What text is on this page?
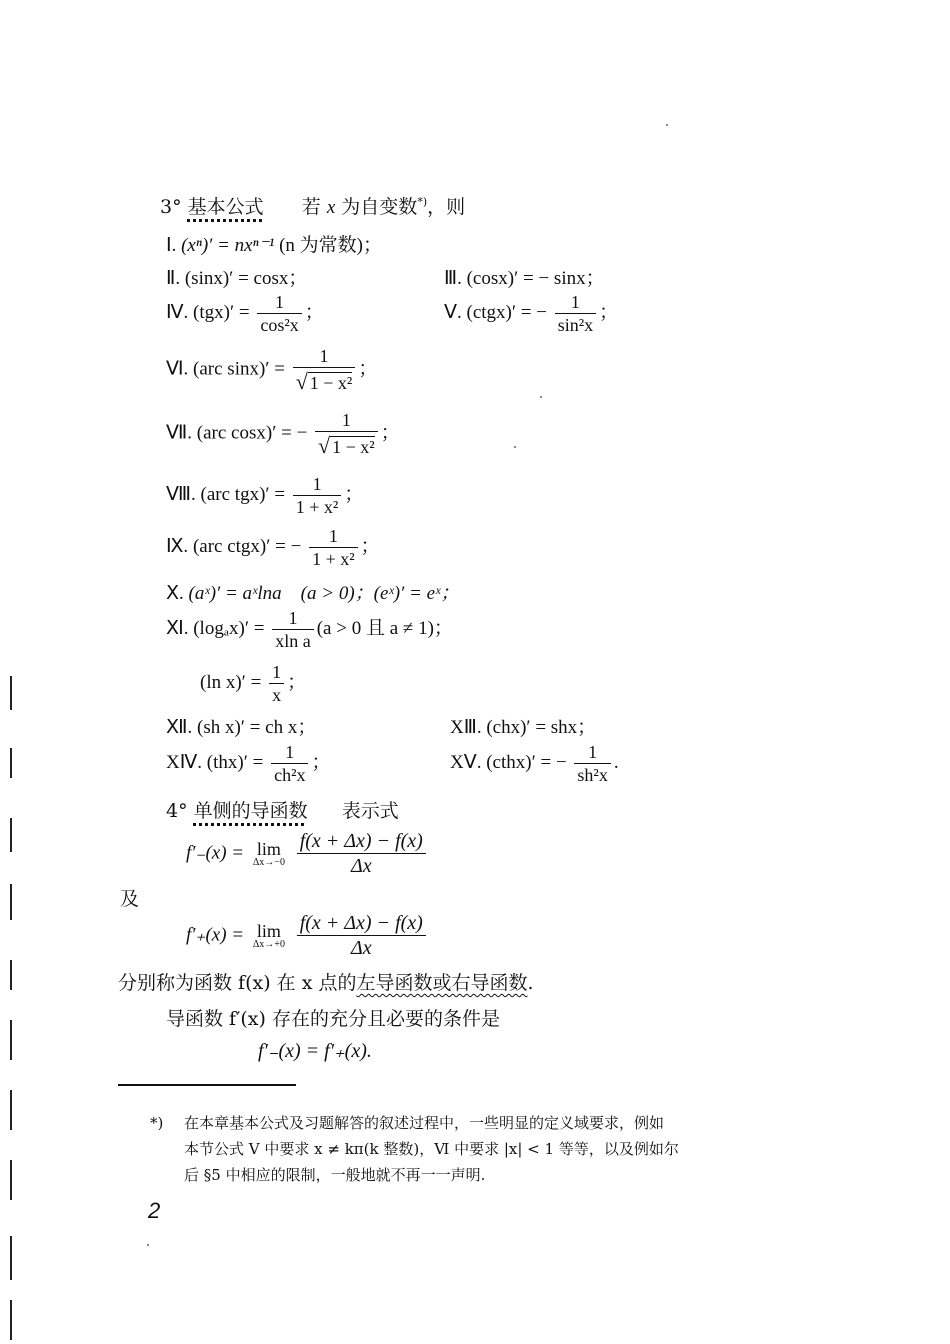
3° 基本公式 若 x 为自变数*)，则
Ⅰ. (xⁿ)′ = nxⁿ⁻¹ (n 为常数)；
Ⅱ. (sinx)′ = cosx；	Ⅲ. (cosx)′ = − sinx；
Ⅳ. $(tgx)' = \frac{1}{\text{cos²x}}$ ；	Ⅴ. (ctgx)′ = − $\frac{1}{\text{sin²x}}$ ；
Ⅵ. (arc $\sin x)' = \frac{1}{\text{√ 1 − x²}}$ ；
Ⅶ. (arc cosx)′ = − $\frac{1}{\text{√ 1 − x²}}$ ；
Ⅷ. (arc $tgx)' = \frac{1}{\text{1 + x²}}$ ；
Ⅸ. (arc ctgx)′ = − $\frac{1}{\text{1 + x²}}$ ；
Ⅹ. (aˣ)′ = aˣlna　(a > 0)；(eˣ)′ = eˣ；
Ⅺ. $(\log_ax)' = \frac{1}{\text{xln a}} (a > 0$ 且 a ≠ 1)；
(ln $x)' = \frac{1}{x}$ ；
Ⅻ. (sh x)′ = ch x；	XⅢ. (chx)′ = shx；
XⅣ. $(thx)' = \frac{1}{\text{ch²x}}$ ；	XⅤ. (cthx)′ = − $\frac{1}{\text{sh²x}}$ .
4° 单侧的导函数 表示式
f′₋(x) = lim
Δx→−0
$\frac{f(x + \Delta x) - f(x)}{\Delta x}$
及
f′₊(x) = lim
Δx→+0
$\frac{f(x + \Delta x) - f(x)}{\Delta x}$
分别称为函数 f(x) 在 x 点的左导函数或右导函数.
导函数 f′(x) 存在的充分且必要的条件是
f′₋(x) = f′₊(x).
*) 在本章基本公式及习题解答的叙述过程中，一些明显的定义域要求，例如
本节公式 Ⅴ 中要求 x ≠ kπ(k 整数)，Ⅵ 中要求 |x| < 1 等等，以及例如尔
后 §5 中相应的限制，一般地就不再一一声明.
2
